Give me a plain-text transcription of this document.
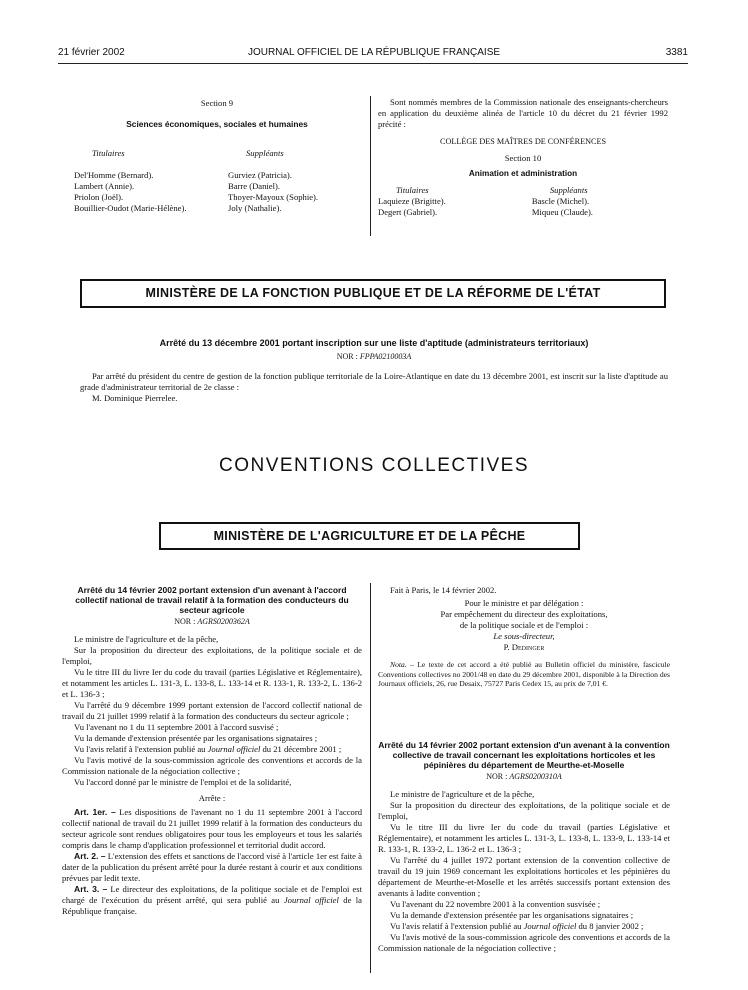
21 février 2002	JOURNAL OFFICIEL DE LA RÉPUBLIQUE FRANÇAISE	3381
Section 9
Sciences économiques, sociales et humaines
Titulaires
Del'Homme (Bernard).
Lambert (Annie).
Priolon (Joël).
Bouillier-Oudot (Marie-Hélène).
Suppléants
Gurviez (Patricia).
Barre (Daniel).
Thoyer-Mayoux (Sophie).
Joly (Nathalie).

Sont nommés membres de la Commission nationale des enseignants-chercheurs en application du deuxième alinéa de l'article 10 du décret du 21 février 1992 précité :

COLLÈGE DES MAÎTRES DE CONFÉRENCES
Section 10
Animation et administration
Titulaires
Laquieze (Brigitte).
Degert (Gabriel).
Suppléants
Bascle (Michel).
Miqueu (Claude).
MINISTÈRE DE LA FONCTION PUBLIQUE ET DE LA RÉFORME DE L'ÉTAT
Arrêté du 13 décembre 2001 portant inscription sur une liste d'aptitude (administrateurs territoriaux)
NOR : FPPA0210003A

Par arrêté du président du centre de gestion de la fonction publique territoriale de la Loire-Atlantique en date du 13 décembre 2001, est inscrit sur la liste d'aptitude au grade d'administrateur territorial de 2e classe :

M. Dominique Pierrelee.

CONVENTIONS COLLECTIVES
MINISTÈRE DE L'AGRICULTURE ET DE LA PÊCHE
Arrêté du 14 février 2002 portant extension d'un avenant à l'accord collectif national de travail relatif à la formation des conducteurs du secteur agricole
NOR : AGRS0200362A

Le ministre de l'agriculture et de la pêche,

Sur la proposition du directeur des exploitations, de la politique sociale et de l'emploi,

Vu le titre III du livre Ier du code du travail (parties Législative et Réglementaire), et notamment les articles L. 131-3, L. 133-8, L. 133-14 et R. 133-1, R. 133-2, L. 136-2 et L. 136-3 ;

Vu l'arrêté du 9 décembre 1999 portant extension de l'accord collectif national de travail du 21 juillet 1999 relatif à la formation des conducteurs du secteur agricole ;

Vu l'avenant no 1 du 11 septembre 2001 à l'accord susvisé ;

Vu la demande d'extension présentée par les organisations signataires ;

Vu l'avis relatif à l'extension publié au Journal officiel du 21 décembre 2001 ;

Vu l'avis motivé de la sous-commission agricole des conventions et accords de la Commission nationale de la négociation collective ;

Vu l'accord donné par le ministre de l'emploi et de la solidarité,

Arrête :

Art. 1er. – Les dispositions de l'avenant no 1 du 11 septembre 2001 à l'accord collectif national de travail du 21 juillet 1999 relatif à la formation des conducteurs du secteur agricole sont rendues obligatoires pour tous les employeurs et tous les salariés compris dans le champ d'application professionnel et territorial dudit accord.

Art. 2. – L'extension des effets et sanctions de l'accord visé à l'article 1er est faite à dater de la publication du présent arrêté pour la durée restant à courir et aux conditions prévues par ledit texte.

Art. 3. – Le directeur des exploitations, de la politique sociale et de l'emploi est chargé de l'exécution du présent arrêté, qui sera publié au Journal officiel de la République française.

Fait à Paris, le 14 février 2002.

Pour le ministre et par délégation :
Par empêchement du directeur des exploitations,
de la politique sociale et de l'emploi :
Le sous-directeur,
P. Dedinger

Nota. – Le texte de cet accord a été publié au Bulletin officiel du ministère, fascicule Conventions collectives no 2001/48 en date du 29 décembre 2001, disponible à la Direction des Journaux officiels, 26, rue Desaix, 75727 Paris Cedex 15, au prix de 7,01 €.

Arrêté du 14 février 2002 portant extension d'un avenant à la convention collective de travail concernant les exploitations horticoles et les pépinières du département de Meurthe-et-Moselle
NOR : AGRS0200310A

Le ministre de l'agriculture et de la pêche,

Sur la proposition du directeur des exploitations, de la politique sociale et de l'emploi,

Vu le titre III du livre Ier du code du travail (parties Législative et Réglementaire), et notamment les articles L. 131-3, L. 133-8, L. 133-9, L. 133-14 et R. 133-1, R. 133-2, L. 136-2 et L. 136-3 ;

Vu l'arrêté du 4 juillet 1972 portant extension de la convention collective de travail du 19 juin 1969 concernant les exploitations horticoles et les pépinières du département de Meurthe-et-Moselle et les arrêtés successifs portant extension des avenants à ladite convention ;

Vu l'avenant du 22 novembre 2001 à la convention susvisée ;

Vu la demande d'extension présentée par les organisations signataires ;

Vu l'avis relatif à l'extension publié au Journal officiel du 8 janvier 2002 ;

Vu l'avis motivé de la sous-commission agricole des conventions et accords de la Commission nationale de la négociation collective ;
